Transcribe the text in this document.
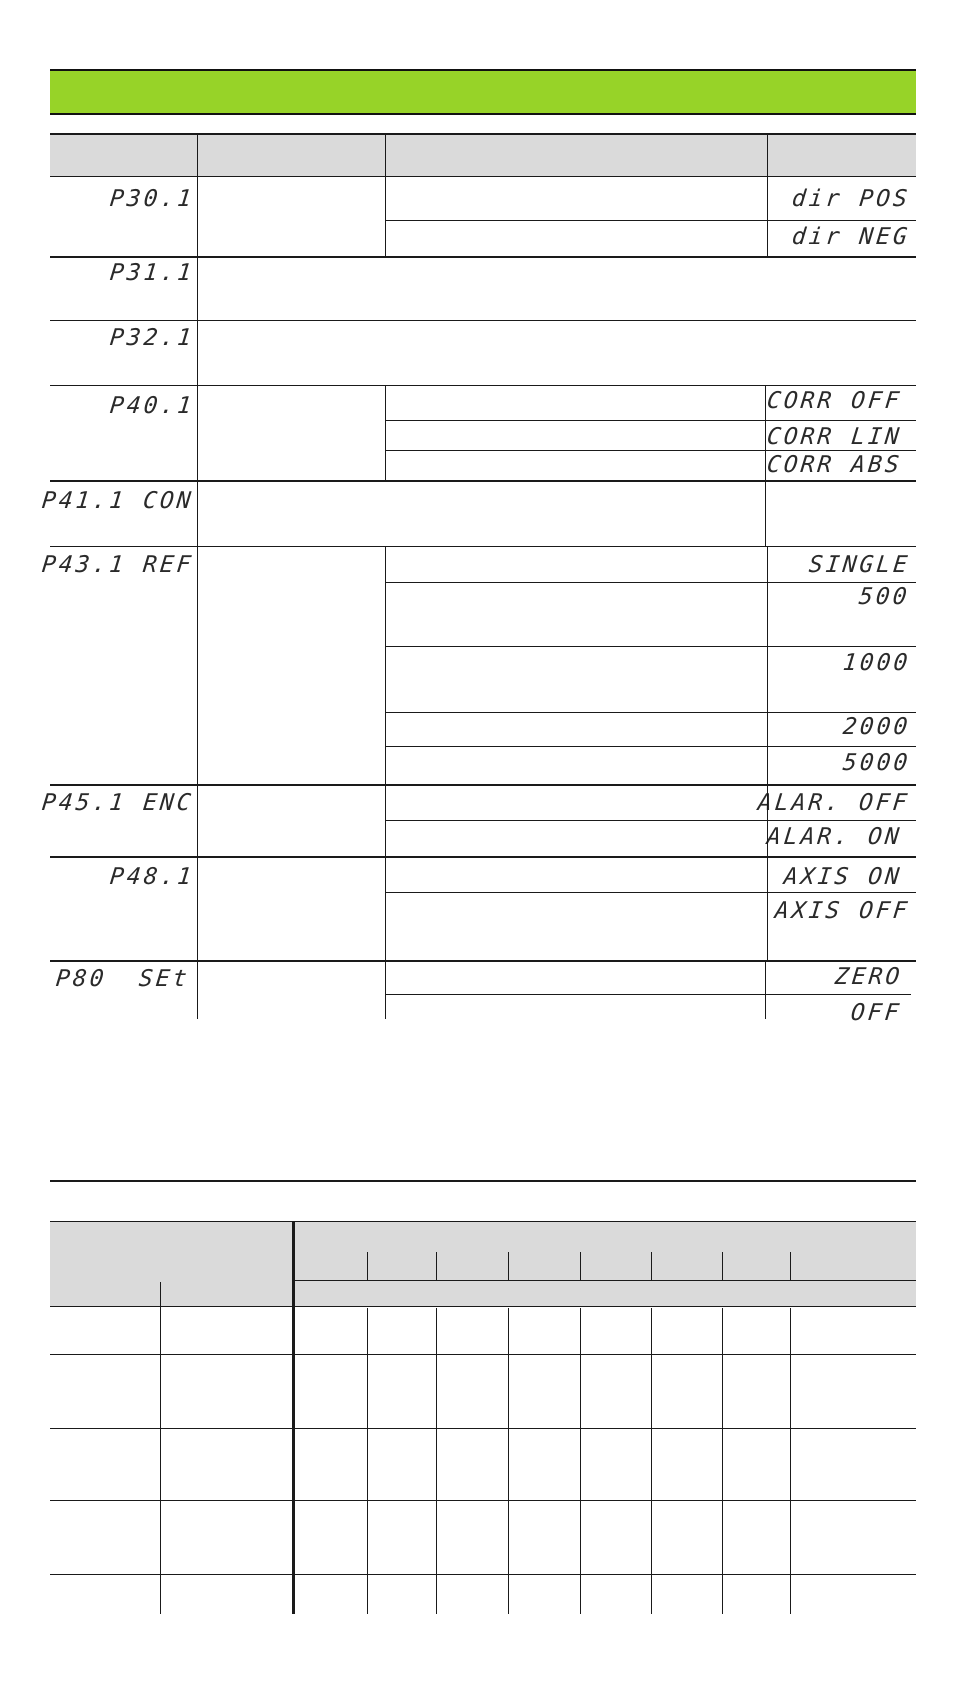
P30.1	dir POS
dir NEG
P31.1
P32.1
P40.1	CORR OFF
CORR LIN
CORR ABS
P41.1 CON
P43.1 REF	SINGLE
500
1000
2000
5000
P45.1 ENC	ALAR. OFF
ALAR. ON
P48.1	AXIS ON
AXIS OFF
P80 SEt	ZERO
OFF
